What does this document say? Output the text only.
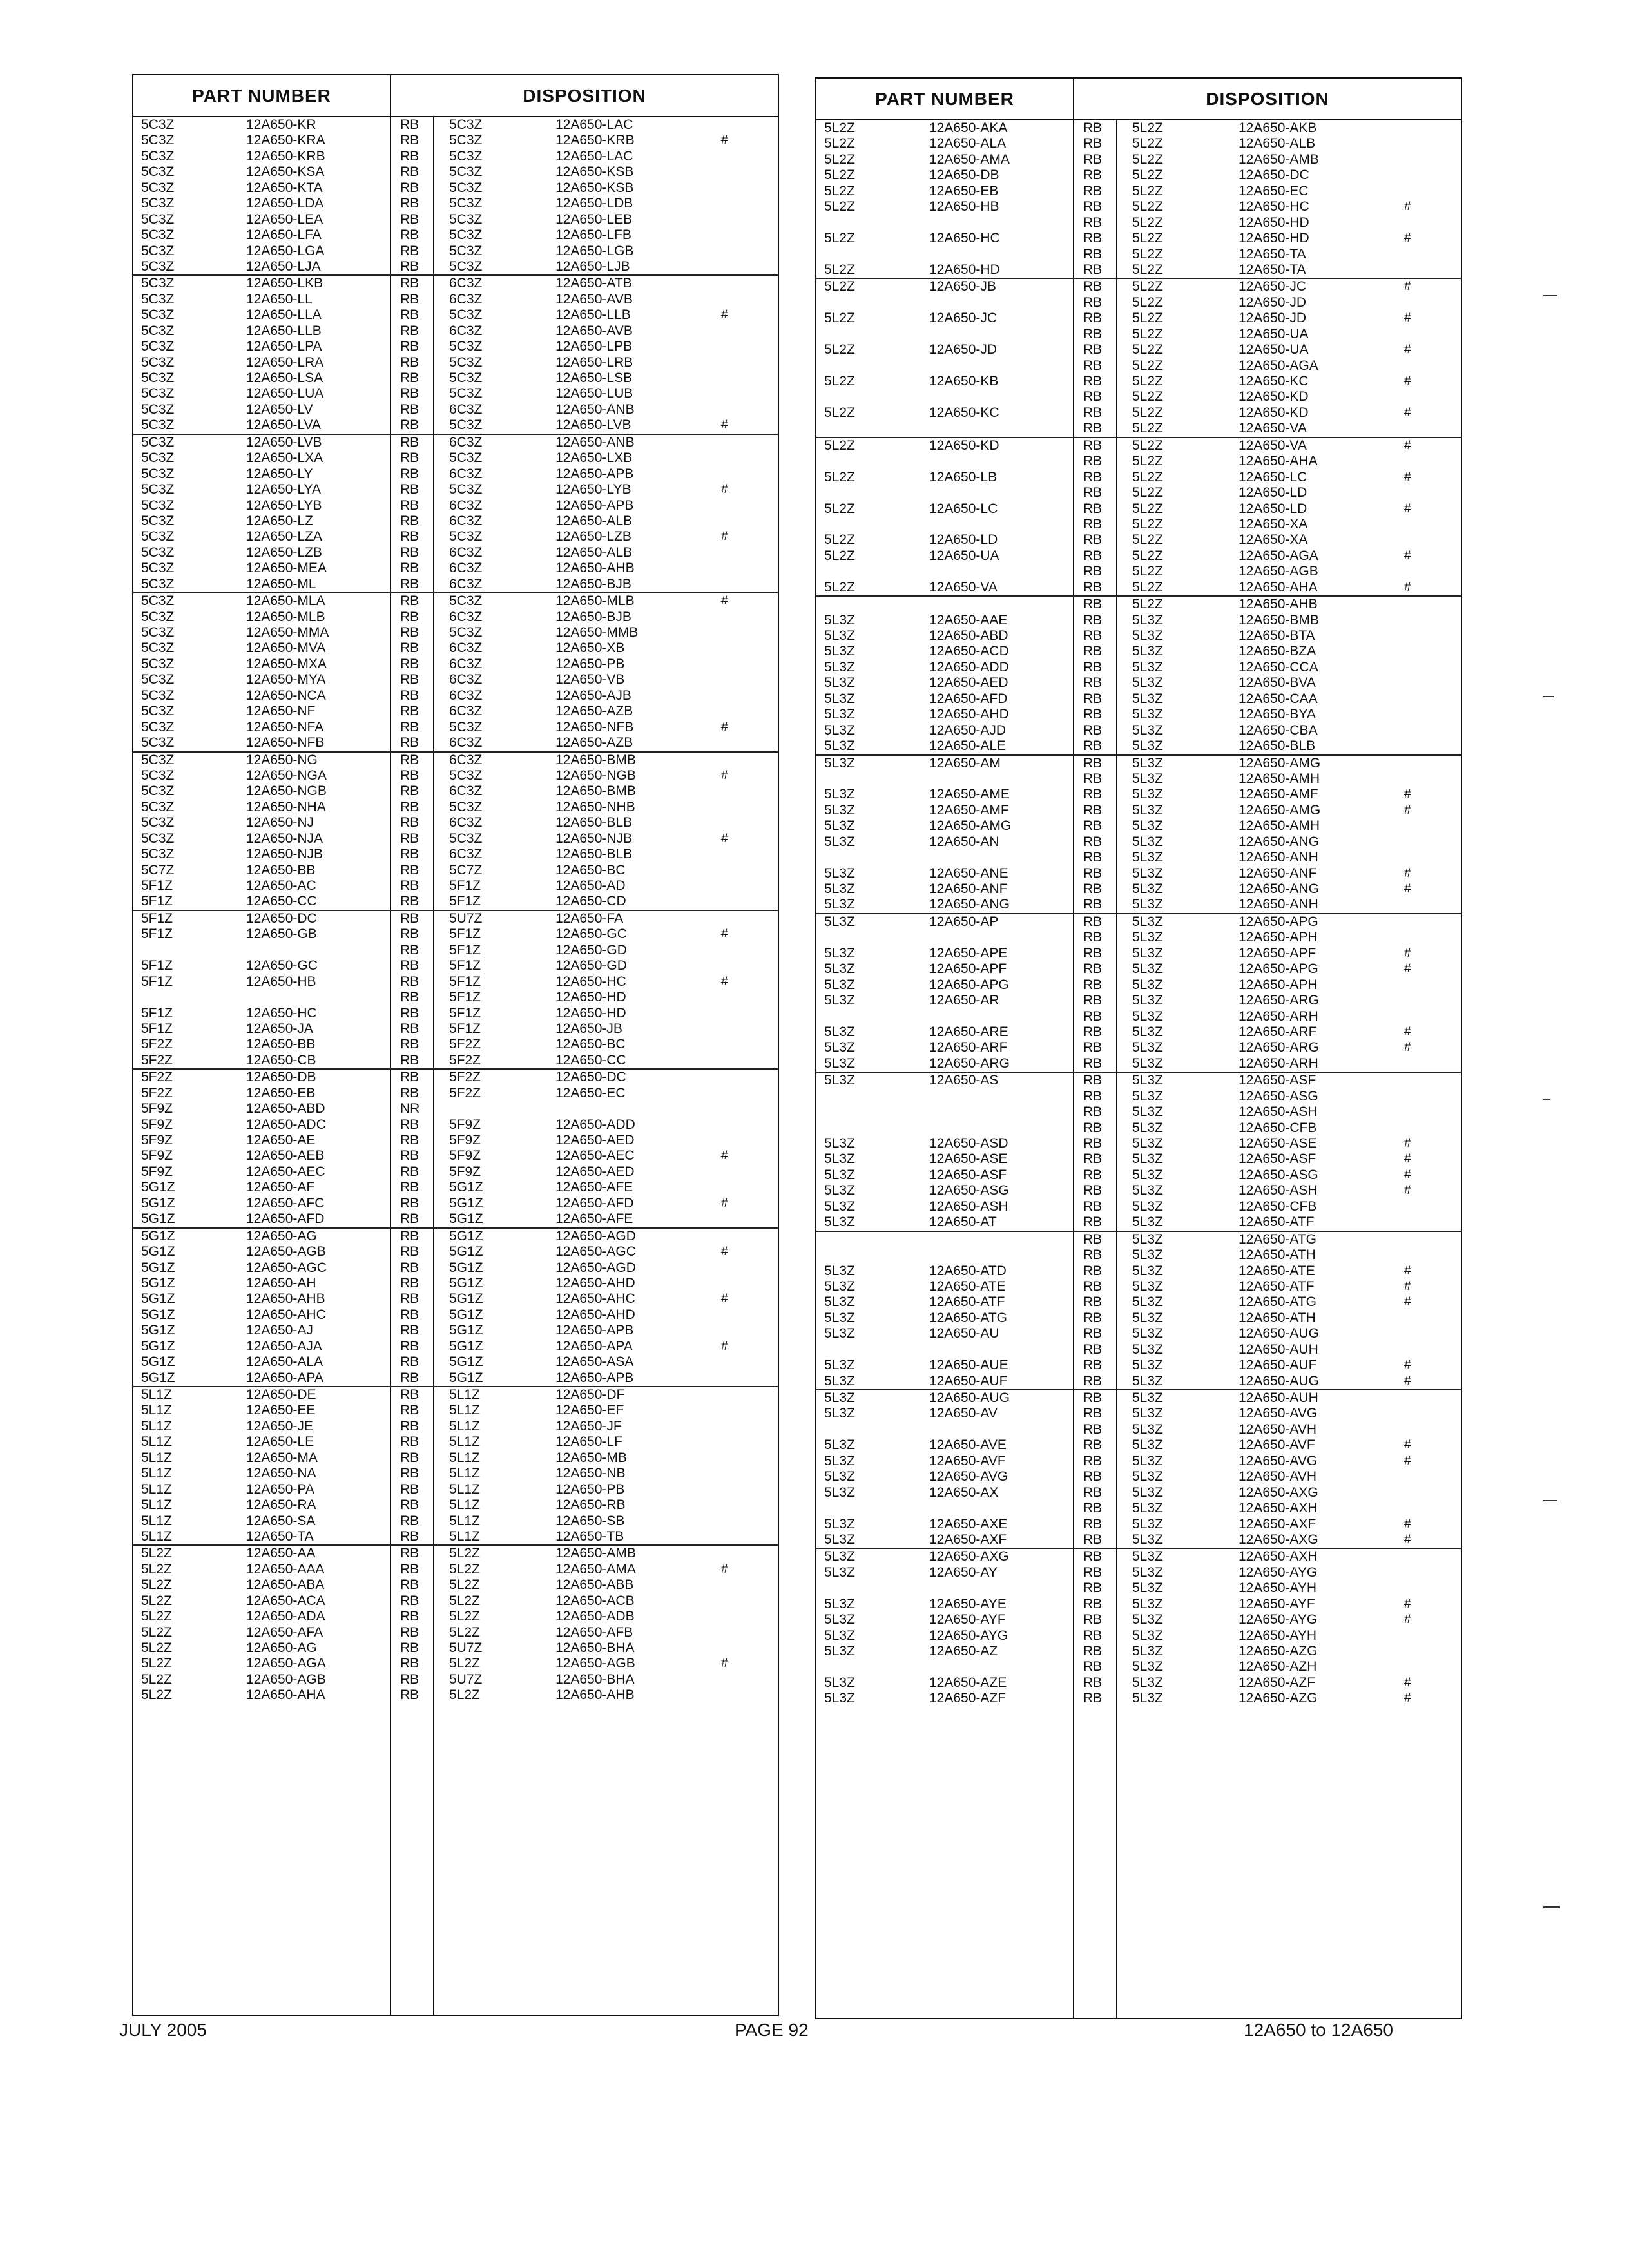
PART NUMBER	DISPOSITION
5C3Z	12A650-KR	RB 5C3Z	12A650-LAC
5C3Z	12A650-KRA	RB 5C3Z	12A650-KRB	#
5C3Z	12A650-KRB	RB 5C3Z	12A650-LAC
5C3Z	12A650-KSA	RB 5C3Z	12A650-KSB
5C3Z	12A650-KTA	RB 5C3Z	12A650-KSB
5C3Z	12A650-LDA	RB 5C3Z	12A650-LDB
5C3Z	12A650-LEA	RB 5C3Z	12A650-LEB
5C3Z	12A650-LFA	RB 5C3Z	12A650-LFB
5C3Z	12A650-LGA	RB 5C3Z	12A650-LGB
5C3Z	12A650-LJA	RB 5C3Z	12A650-LJB
5C3Z	12A650-LKB	RB 6C3Z	12A650-ATB
5C3Z	12A650-LL	RB 6C3Z	12A650-AVB
5C3Z	12A650-LLA	RB 5C3Z	12A650-LLB	#
5C3Z	12A650-LLB	RB 6C3Z	12A650-AVB
5C3Z	12A650-LPA	RB 5C3Z	12A650-LPB
5C3Z	12A650-LRA	RB 5C3Z	12A650-LRB
5C3Z	12A650-LSA	RB 5C3Z	12A650-LSB
5C3Z	12A650-LUA	RB 5C3Z	12A650-LUB
5C3Z	12A650-LV	RB 6C3Z	12A650-ANB
5C3Z	12A650-LVA	RB 5C3Z	12A650-LVB	#
5C3Z	12A650-LVB	RB 6C3Z	12A650-ANB
5C3Z	12A650-LXA	RB 5C3Z	12A650-LXB
5C3Z	12A650-LY	RB 6C3Z	12A650-APB
5C3Z	12A650-LYA	RB 5C3Z	12A650-LYB	#
5C3Z	12A650-LYB	RB 6C3Z	12A650-APB
5C3Z	12A650-LZ	RB 6C3Z	12A650-ALB
5C3Z	12A650-LZA	RB 5C3Z	12A650-LZB	#
5C3Z	12A650-LZB	RB 6C3Z	12A650-ALB
5C3Z	12A650-MEA	RB 6C3Z	12A650-AHB
5C3Z	12A650-ML	RB 6C3Z	12A650-BJB
5C3Z	12A650-MLA	RB 5C3Z	12A650-MLB	#
5C3Z	12A650-MLB	RB 6C3Z	12A650-BJB
5C3Z	12A650-MMA	RB 5C3Z	12A650-MMB
5C3Z	12A650-MVA	RB 6C3Z	12A650-XB
5C3Z	12A650-MXA	RB 6C3Z	12A650-PB
5C3Z	12A650-MYA	RB 6C3Z	12A650-VB
5C3Z	12A650-NCA	RB 6C3Z	12A650-AJB
5C3Z	12A650-NF	RB 6C3Z	12A650-AZB
5C3Z	12A650-NFA	RB 5C3Z	12A650-NFB	#
5C3Z	12A650-NFB	RB 6C3Z	12A650-AZB
5C3Z	12A650-NG	RB 6C3Z	12A650-BMB
5C3Z	12A650-NGA	RB 5C3Z	12A650-NGB	#
5C3Z	12A650-NGB	RB 6C3Z	12A650-BMB
5C3Z	12A650-NHA	RB 5C3Z	12A650-NHB
5C3Z	12A650-NJ	RB 6C3Z	12A650-BLB
5C3Z	12A650-NJA	RB 5C3Z	12A650-NJB	#
5C3Z	12A650-NJB	RB 6C3Z	12A650-BLB
5C7Z	12A650-BB	RB 5C7Z	12A650-BC
5F1Z	12A650-AC	RB 5F1Z	12A650-AD
5F1Z	12A650-CC	RB 5F1Z	12A650-CD
5F1Z	12A650-DC	RB 5U7Z	12A650-FA
5F1Z	12A650-GB	RB 5F1Z	12A650-GC	#
RB 5F1Z	12A650-GD
5F1Z	12A650-GC	RB 5F1Z	12A650-GD
5F1Z	12A650-HB	RB 5F1Z	12A650-HC	#
RB 5F1Z	12A650-HD
5F1Z	12A650-HC	RB 5F1Z	12A650-HD
5F1Z	12A650-JA	RB 5F1Z	12A650-JB
5F2Z	12A650-BB	RB 5F2Z	12A650-BC
5F2Z	12A650-CB	RB 5F2Z	12A650-CC
5F2Z	12A650-DB	RB 5F2Z	12A650-DC
5F2Z	12A650-EB	RB 5F2Z	12A650-EC
5F9Z	12A650-ABD	NR
5F9Z	12A650-ADC	RB 5F9Z	12A650-ADD
5F9Z	12A650-AE	RB 5F9Z	12A650-AED
5F9Z	12A650-AEB	RB 5F9Z	12A650-AEC	#
5F9Z	12A650-AEC	RB 5F9Z	12A650-AED
5G1Z	12A650-AF	RB 5G1Z	12A650-AFE
5G1Z	12A650-AFC	RB 5G1Z	12A650-AFD	#
5G1Z	12A650-AFD	RB 5G1Z	12A650-AFE
5G1Z	12A650-AG	RB 5G1Z	12A650-AGD
5G1Z	12A650-AGB	RB 5G1Z	12A650-AGC	#
5G1Z	12A650-AGC	RB 5G1Z	12A650-AGD
5G1Z	12A650-AH	RB 5G1Z	12A650-AHD
5G1Z	12A650-AHB	RB 5G1Z	12A650-AHC	#
5G1Z	12A650-AHC	RB 5G1Z	12A650-AHD
5G1Z	12A650-AJ	RB 5G1Z	12A650-APB
5G1Z	12A650-AJA	RB 5G1Z	12A650-APA	#
5G1Z	12A650-ALA	RB 5G1Z	12A650-ASA
5G1Z	12A650-APA	RB 5G1Z	12A650-APB
5L1Z	12A650-DE	RB 5L1Z	12A650-DF
5L1Z	12A650-EE	RB 5L1Z	12A650-EF
5L1Z	12A650-JE	RB 5L1Z	12A650-JF
5L1Z	12A650-LE	RB 5L1Z	12A650-LF
5L1Z	12A650-MA	RB 5L1Z	12A650-MB
5L1Z	12A650-NA	RB 5L1Z	12A650-NB
5L1Z	12A650-PA	RB 5L1Z	12A650-PB
5L1Z	12A650-RA	RB 5L1Z	12A650-RB
5L1Z	12A650-SA	RB 5L1Z	12A650-SB
5L1Z	12A650-TA	RB 5L1Z	12A650-TB
5L2Z	12A650-AA	RB 5L2Z	12A650-AMB
5L2Z	12A650-AAA	RB 5L2Z	12A650-AMA	#
5L2Z	12A650-ABA	RB 5L2Z	12A650-ABB
5L2Z	12A650-ACA	RB 5L2Z	12A650-ACB
5L2Z	12A650-ADA	RB 5L2Z	12A650-ADB
5L2Z	12A650-AFA	RB 5L2Z	12A650-AFB
5L2Z	12A650-AG	RB 5U7Z	12A650-BHA
5L2Z	12A650-AGA	RB 5L2Z	12A650-AGB	#
5L2Z	12A650-AGB	RB 5U7Z	12A650-BHA
5L2Z	12A650-AHA	RB 5L2Z	12A650-AHB
PART NUMBER	DISPOSITION
5L2Z	12A650-AKA	RB 5L2Z	12A650-AKB
5L2Z	12A650-ALA	RB 5L2Z	12A650-ALB
5L2Z	12A650-AMA	RB 5L2Z	12A650-AMB
5L2Z	12A650-DB	RB 5L2Z	12A650-DC
5L2Z	12A650-EB	RB 5L2Z	12A650-EC
5L2Z	12A650-HB	RB 5L2Z	12A650-HC	#
RB 5L2Z	12A650-HD
5L2Z	12A650-HC	RB 5L2Z	12A650-HD	#
RB 5L2Z	12A650-TA
5L2Z	12A650-HD	RB 5L2Z	12A650-TA
5L2Z	12A650-JB	RB 5L2Z	12A650-JC	#
RB 5L2Z	12A650-JD
5L2Z	12A650-JC	RB 5L2Z	12A650-JD	#
RB 5L2Z	12A650-UA
5L2Z	12A650-JD	RB 5L2Z	12A650-UA	#
RB 5L2Z	12A650-AGA
5L2Z	12A650-KB	RB 5L2Z	12A650-KC	#
RB 5L2Z	12A650-KD
5L2Z	12A650-KC	RB 5L2Z	12A650-KD	#
RB 5L2Z	12A650-VA
5L2Z	12A650-KD	RB 5L2Z	12A650-VA	#
RB 5L2Z	12A650-AHA
5L2Z	12A650-LB	RB 5L2Z	12A650-LC	#
RB 5L2Z	12A650-LD
5L2Z	12A650-LC	RB 5L2Z	12A650-LD	#
RB 5L2Z	12A650-XA
5L2Z	12A650-LD	RB 5L2Z	12A650-XA
5L2Z	12A650-UA	RB 5L2Z	12A650-AGA	#
RB 5L2Z	12A650-AGB
5L2Z	12A650-VA	RB 5L2Z	12A650-AHA	#
RB 5L2Z	12A650-AHB
5L3Z	12A650-AAE	RB 5L3Z	12A650-BMB
5L3Z	12A650-ABD	RB 5L3Z	12A650-BTA
5L3Z	12A650-ACD	RB 5L3Z	12A650-BZA
5L3Z	12A650-ADD	RB 5L3Z	12A650-CCA
5L3Z	12A650-AED	RB 5L3Z	12A650-BVA
5L3Z	12A650-AFD	RB 5L3Z	12A650-CAA
5L3Z	12A650-AHD	RB 5L3Z	12A650-BYA
5L3Z	12A650-AJD	RB 5L3Z	12A650-CBA
5L3Z	12A650-ALE	RB 5L3Z	12A650-BLB
5L3Z	12A650-AM	RB 5L3Z	12A650-AMG
RB 5L3Z	12A650-AMH
5L3Z	12A650-AME	RB 5L3Z	12A650-AMF	#
5L3Z	12A650-AMF	RB 5L3Z	12A650-AMG	#
5L3Z	12A650-AMG	RB 5L3Z	12A650-AMH
5L3Z	12A650-AN	RB 5L3Z	12A650-ANG
RB 5L3Z	12A650-ANH
5L3Z	12A650-ANE	RB 5L3Z	12A650-ANF	#
5L3Z	12A650-ANF	RB 5L3Z	12A650-ANG	#
5L3Z	12A650-ANG	RB 5L3Z	12A650-ANH
5L3Z	12A650-AP	RB 5L3Z	12A650-APG
RB 5L3Z	12A650-APH
5L3Z	12A650-APE	RB 5L3Z	12A650-APF	#
5L3Z	12A650-APF	RB 5L3Z	12A650-APG	#
5L3Z	12A650-APG	RB 5L3Z	12A650-APH
5L3Z	12A650-AR	RB 5L3Z	12A650-ARG
RB 5L3Z	12A650-ARH
5L3Z	12A650-ARE	RB 5L3Z	12A650-ARF	#
5L3Z	12A650-ARF	RB 5L3Z	12A650-ARG	#
5L3Z	12A650-ARG	RB 5L3Z	12A650-ARH
5L3Z	12A650-AS	RB 5L3Z	12A650-ASF
RB 5L3Z	12A650-ASG
RB 5L3Z	12A650-ASH
RB 5L3Z	12A650-CFB
5L3Z	12A650-ASD	RB 5L3Z	12A650-ASE	#
5L3Z	12A650-ASE	RB 5L3Z	12A650-ASF	#
5L3Z	12A650-ASF	RB 5L3Z	12A650-ASG	#
5L3Z	12A650-ASG	RB 5L3Z	12A650-ASH	#
5L3Z	12A650-ASH	RB 5L3Z	12A650-CFB
5L3Z	12A650-AT	RB 5L3Z	12A650-ATF
RB 5L3Z	12A650-ATG
RB 5L3Z	12A650-ATH
5L3Z	12A650-ATD	RB 5L3Z	12A650-ATE	#
5L3Z	12A650-ATE	RB 5L3Z	12A650-ATF	#
5L3Z	12A650-ATF	RB 5L3Z	12A650-ATG	#
5L3Z	12A650-ATG	RB 5L3Z	12A650-ATH
5L3Z	12A650-AU	RB 5L3Z	12A650-AUG
RB 5L3Z	12A650-AUH
5L3Z	12A650-AUE	RB 5L3Z	12A650-AUF	#
5L3Z	12A650-AUF	RB 5L3Z	12A650-AUG	#
5L3Z	12A650-AUG	RB 5L3Z	12A650-AUH
5L3Z	12A650-AV	RB 5L3Z	12A650-AVG
RB 5L3Z	12A650-AVH
5L3Z	12A650-AVE	RB 5L3Z	12A650-AVF	#
5L3Z	12A650-AVF	RB 5L3Z	12A650-AVG	#
5L3Z	12A650-AVG	RB 5L3Z	12A650-AVH
5L3Z	12A650-AX	RB 5L3Z	12A650-AXG
RB 5L3Z	12A650-AXH
5L3Z	12A650-AXE	RB 5L3Z	12A650-AXF	#
5L3Z	12A650-AXF	RB 5L3Z	12A650-AXG	#
5L3Z	12A650-AXG	RB 5L3Z	12A650-AXH
5L3Z	12A650-AY	RB 5L3Z	12A650-AYG
RB 5L3Z	12A650-AYH
5L3Z	12A650-AYE	RB 5L3Z	12A650-AYF	#
5L3Z	12A650-AYF	RB 5L3Z	12A650-AYG	#
5L3Z	12A650-AYG	RB 5L3Z	12A650-AYH
5L3Z	12A650-AZ	RB 5L3Z	12A650-AZG
RB 5L3Z	12A650-AZH
5L3Z	12A650-AZE	RB 5L3Z	12A650-AZF	#
5L3Z	12A650-AZF	RB 5L3Z	12A650-AZG	#
JULY 2005	PAGE 92	12A650 to 12A650
